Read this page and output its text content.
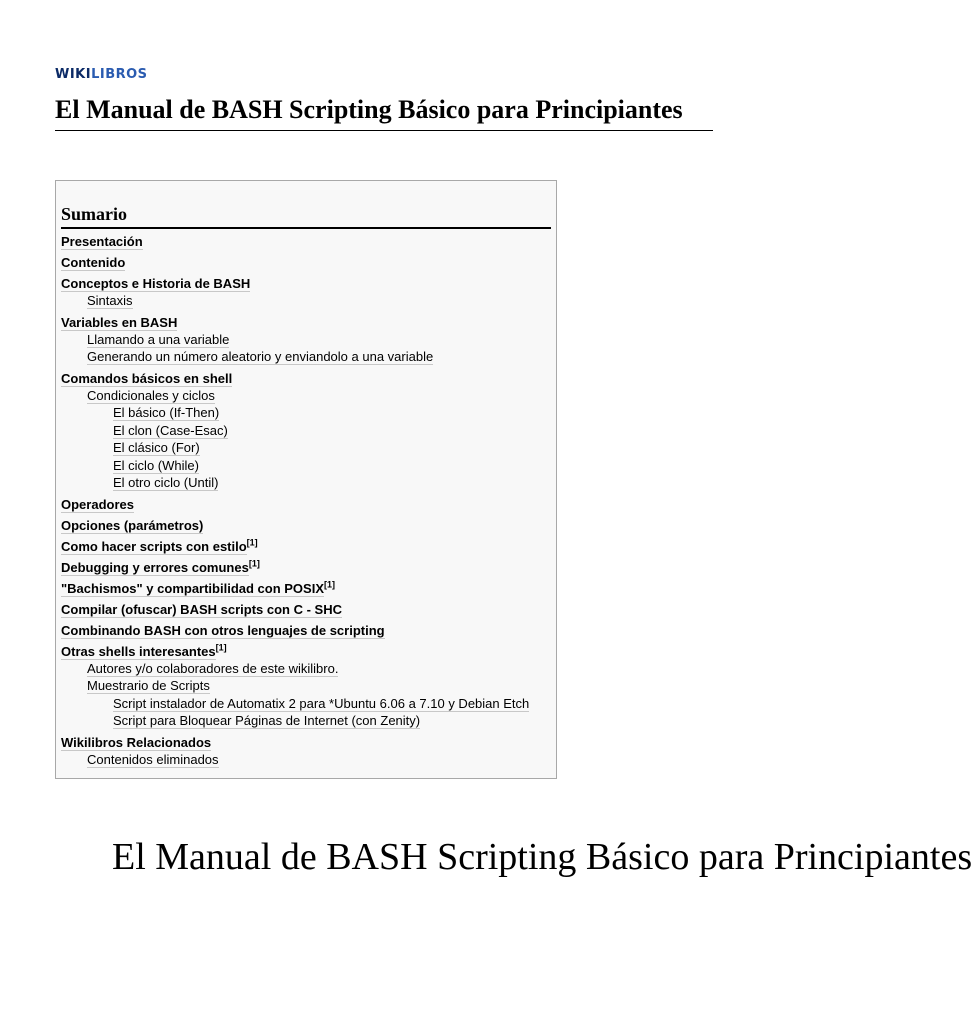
WIKILIBROS
El Manual de BASH Scripting Básico para Principiantes
Sumario
Presentación
Contenido
Conceptos e Historia de BASH
Sintaxis
Variables en BASH
Llamando a una variable
Generando un número aleatorio y enviandolo a una variable
Comandos básicos en shell
Condicionales y ciclos
El básico (If-Then)
El clon (Case-Esac)
El clásico (For)
El ciclo (While)
El otro ciclo (Until)
Operadores
Opciones (parámetros)
Como hacer scripts con estilo[1]
Debugging y errores comunes[1]
"Bachismos" y compartibilidad con POSIX[1]
Compilar (ofuscar) BASH scripts con C - SHC
Combinando BASH con otros lenguajes de scripting
Otras shells interesantes[1]
Autores y/o colaboradores de este wikilibro.
Muestrario de Scripts
Script instalador de Automatix 2 para *Ubuntu 6.06 a 7.10 y Debian Etch
Script para Bloquear Páginas de Internet (con Zenity)
Wikilibros Relacionados
Contenidos eliminados
El Manual de BASH Scripting Básico para Principiantes
